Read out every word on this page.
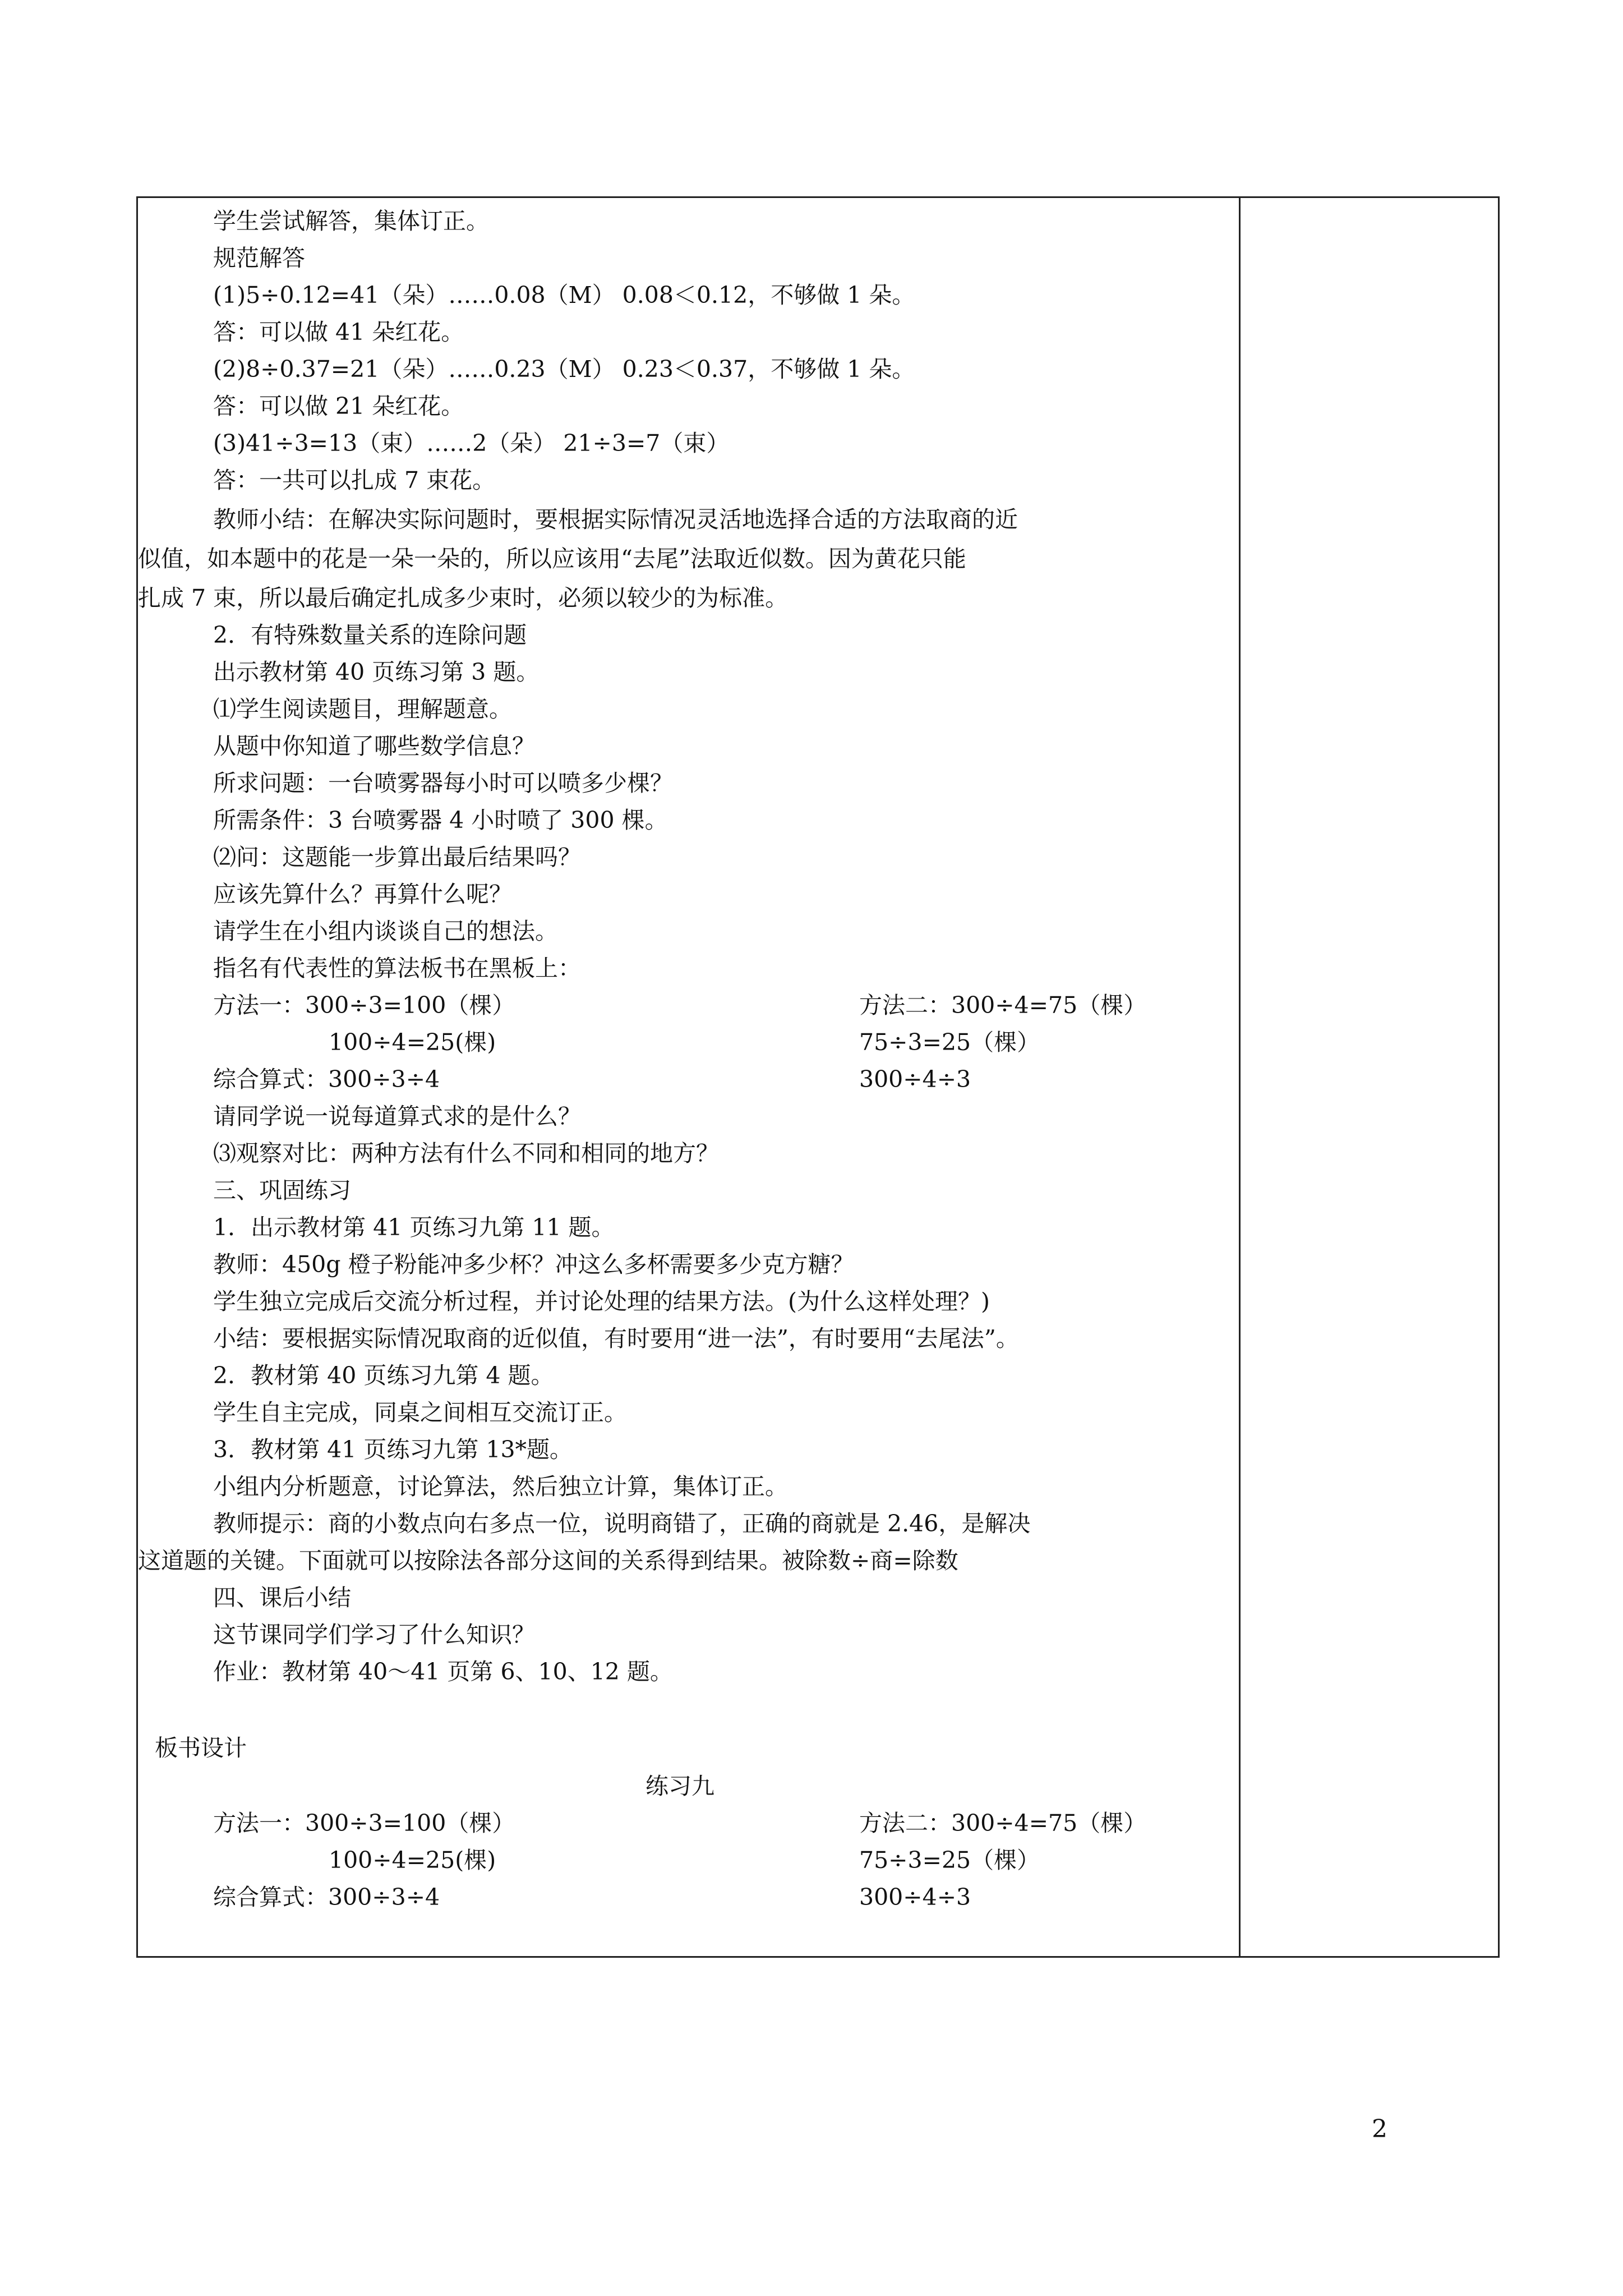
学生尝试解答，集体订正。
规范解答
(1)5÷0.12=41（朵）……0.08（M） 0.08＜0.12，不够做 1 朵。
答：可以做 41 朵红花。
(2)8÷0.37=21（朵）……0.23（M） 0.23＜0.37，不够做 1 朵。
答：可以做 21 朵红花。
(3)41÷3=13（束）……2（朵） 21÷3=7（束）
答：一共可以扎成 7 束花。
教师小结：在解决实际问题时，要根据实际情况灵活地选择合适的方法取商的近
似值，如本题中的花是一朵一朵的，所以应该用“去尾”法取近似数。因为黄花只能
扎成 7 束，所以最后确定扎成多少束时，必须以较少的为标准。
2．有特殊数量关系的连除问题
出示教材第 40 页练习第 3 题。
⑴学生阅读题目，理解题意。
从题中你知道了哪些数学信息？
所求问题：一台喷雾器每小时可以喷多少棵？
所需条件：3 台喷雾器 4 小时喷了 300 棵。
⑵问：这题能一步算出最后结果吗？
应该先算什么？再算什么呢？
请学生在小组内谈谈自己的想法。
指名有代表性的算法板书在黑板上：
方法一：300÷3=100（棵）	方法二：300÷4=75（棵）
100÷4=25(棵)	75÷3=25（棵）
综合算式：300÷3÷4	300÷4÷3
请同学说一说每道算式求的是什么？
⑶观察对比：两种方法有什么不同和相同的地方？
三、巩固练习
1．出示教材第 41 页练习九第 11 题。
教师：450g 橙子粉能冲多少杯？冲这么多杯需要多少克方糖？
学生独立完成后交流分析过程，并讨论处理的结果方法。(为什么这样处理？)
小结：要根据实际情况取商的近似值，有时要用“进一法”，有时要用“去尾法”。
2．教材第 40 页练习九第 4 题。
学生自主完成，同桌之间相互交流订正。
3．教材第 41 页练习九第 13*题。
小组内分析题意，讨论算法，然后独立计算，集体订正。
教师提示：商的小数点向右多点一位，说明商错了，正确的商就是 2.46，是解决
这道题的关键。下面就可以按除法各部分这间的关系得到结果。被除数÷商=除数
四、课后小结
这节课同学们学习了什么知识？
作业：教材第 40～41 页第 6、10、12 题。
板书设计
练习九
方法一：300÷3=100（棵）	方法二：300÷4=75（棵）
100÷4=25(棵)	75÷3=25（棵）
综合算式：300÷3÷4	300÷4÷3
2
